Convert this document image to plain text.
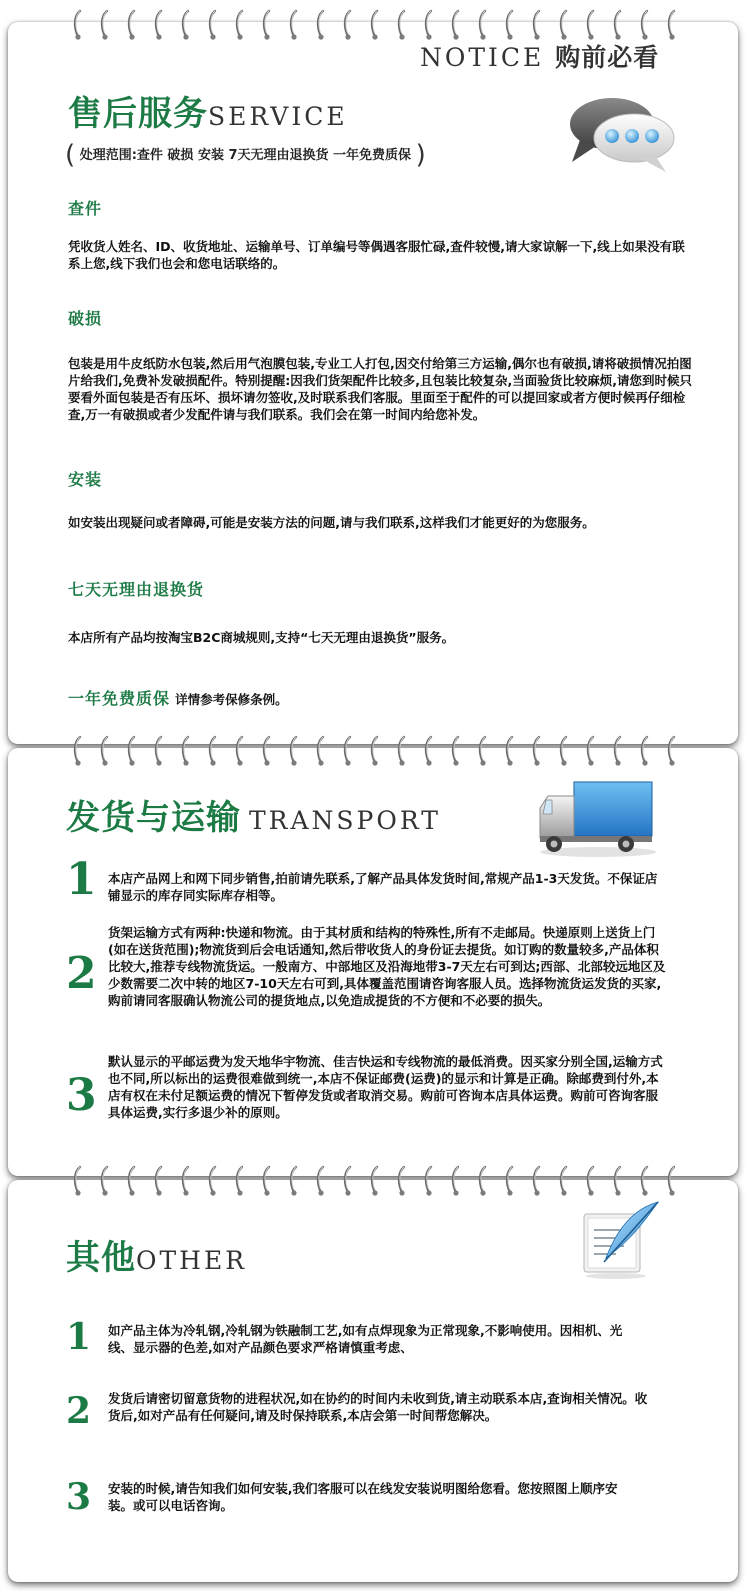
NOTICE 购前必看
售后服务SERVICE
( 处理范围:查件 破损 安装 7天无理由退换货 一年免费质保 )
查件
凭收货人姓名、ID、收货地址、运输单号、订单编号等偶遇客服忙碌,查件较慢,请大家谅解一下,线上如果没有联系上您,线下我们也会和您电话联络的。
破损
包装是用牛皮纸防水包装,然后用气泡膜包装,专业工人打包,因交付给第三方运输,偶尔也有破损,请将破损情况拍图片给我们,免费补发破损配件。特别提醒:因我们货架配件比较多,且包装比较复杂,当面验货比较麻烦,请您到时候只要看外面包装是否有压坏、损坏请勿签收,及时联系我们客服。里面至于配件的可以提回家或者方便时候再仔细检查,万一有破损或者少发配件请与我们联系。我们会在第一时间内给您补发。
安装
如安装出现疑问或者障碍,可能是安装方法的问题,请与我们联系,这样我们才能更好的为您服务。
七天无理由退换货
本店所有产品均按淘宝B2C商城规则,支持“七天无理由退换货”服务。
一年免费质保 详情参考保修条例。
发货与运输 TRANSPORT
1 本店产品网上和网下同步销售,拍前请先联系,了解产品具体发货时间,常规产品1-3天发货。不保证店铺显示的库存同实际库存相等。
2
货架运输方式有两种:快递和物流。由于其材质和结构的特殊性,所有不走邮局。快递原则上送货上门(如在送货范围);物流货到后会电话通知,然后带收货人的身份证去提货。如订购的数量较多,产品体积比较大,推荐专线物流货运。一般南方、中部地区及沿海地带3-7天左右可到达;西部、北部较远地区及少数需要二次中转的地区7-10天左右可到,具体覆盖范围请咨询客服人员。选择物流货运发货的买家,购前请同客服确认物流公司的提货地点,以免造成提货的不方便和不必要的损失。
3
默认显示的平邮运费为发天地华宇物流、佳吉快运和专线物流的最低消费。因买家分别全国,运输方式也不同,所以标出的运费很难做到统一,本店不保证邮费(运费)的显示和计算是正确。除邮费到付外,本店有权在未付足额运费的情况下暂停发货或者取消交易。购前可咨询本店具体运费。购前可咨询客服具体运费,实行多退少补的原则。
其他OTHER
1 如产品主体为冷轧钢,冷轧钢为铁融制工艺,如有点焊现象为正常现象,不影响使用。因相机、光线、显示器的色差,如对产品颜色要求严格请慎重考虑、
2 发货后请密切留意货物的进程状况,如在协约的时间内未收到货,请主动联系本店,查询相关情况。收货后,如对产品有任何疑问,请及时保持联系,本店会第一时间帮您解决。
3 安装的时候,请告知我们如何安装,我们客服可以在线发安装说明图给您看。您按照图上顺序安装。或可以电话咨询。
